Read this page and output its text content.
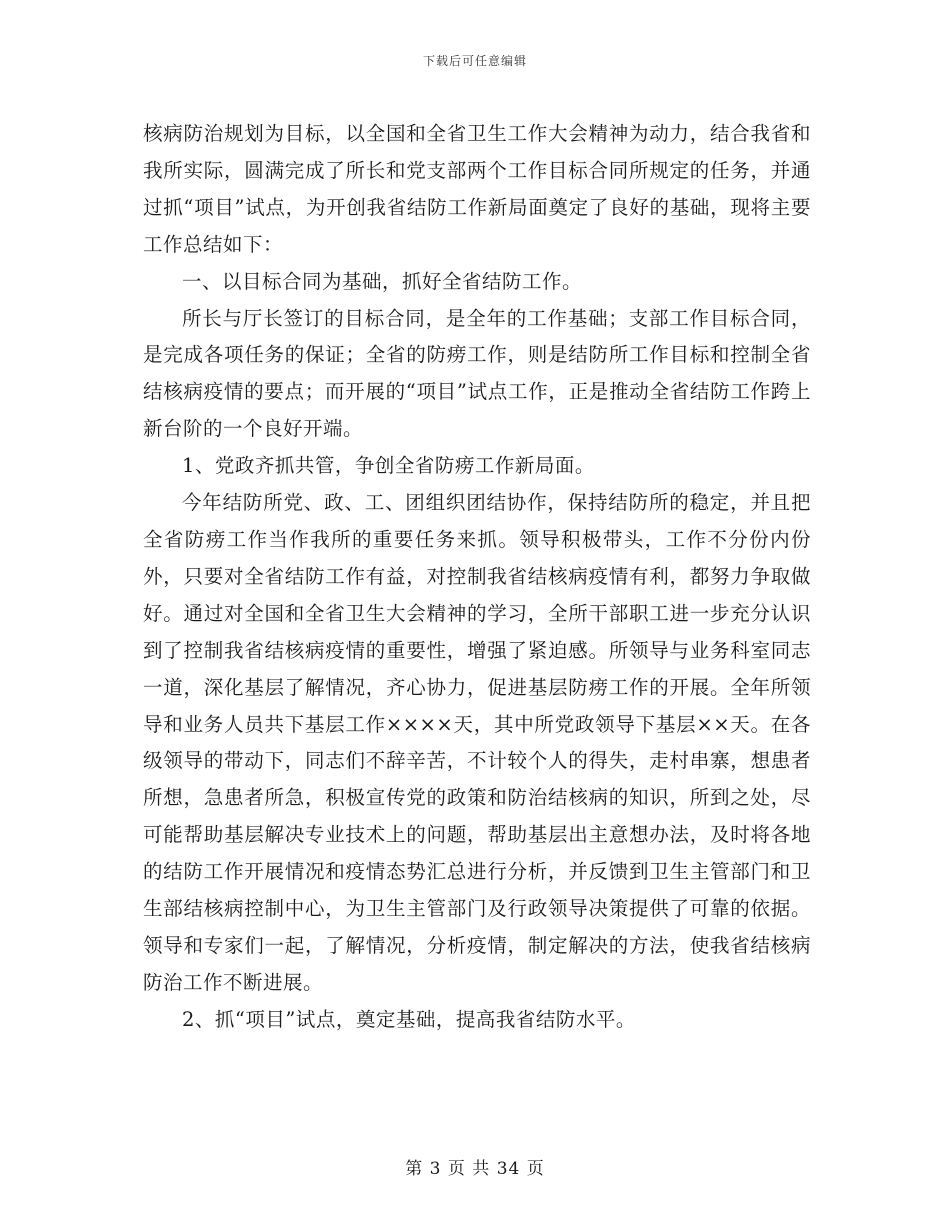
下载后可任意编辑

核病防治规划为目标，以全国和全省卫生工作大会精神为动力，结合我省和我所实际，圆满完成了所长和党支部两个工作目标合同所规定的任务，并通过抓“项目”试点，为开创我省结防工作新局面奠定了良好的基础，现将主要工作总结如下：

一、以目标合同为基础，抓好全省结防工作。

所长与厅长签订的目标合同，是全年的工作基础；支部工作目标合同，是完成各项任务的保证；全省的防痨工作，则是结防所工作目标和控制全省结核病疫情的要点；而开展的“项目”试点工作，正是推动全省结防工作跨上新台阶的一个良好开端。

1、党政齐抓共管，争创全省防痨工作新局面。

今年结防所党、政、工、团组织团结协作，保持结防所的稳定，并且把全省防痨工作当作我所的重要任务来抓。领导积极带头，工作不分份内份外，只要对全省结防工作有益，对控制我省结核病疫情有利，都努力争取做好。通过对全国和全省卫生大会精神的学习，全所干部职工进一步充分认识到了控制我省结核病疫情的重要性，增强了紧迫感。所领导与业务科室同志一道，深化基层了解情况，齐心协力，促进基层防痨工作的开展。全年所领导和业务人员共下基层工作××××天，其中所党政领导下基层××天。在各级领导的带动下，同志们不辞辛苦，不计较个人的得失，走村串寨，想患者所想，急患者所急，积极宣传党的政策和防治结核病的知识，所到之处，尽可能帮助基层解决专业技术上的问题，帮助基层出主意想办法，及时将各地的结防工作开展情况和疫情态势汇总进行分析，并反馈到卫生主管部门和卫生部结核病控制中心，为卫生主管部门及行政领导决策提供了可靠的依据。领导和专家们一起，了解情况，分析疫情，制定解决的方法，使我省结核病防治工作不断进展。

2、抓“项目”试点，奠定基础，提高我省结防水平。

第 3 页 共 34 页
